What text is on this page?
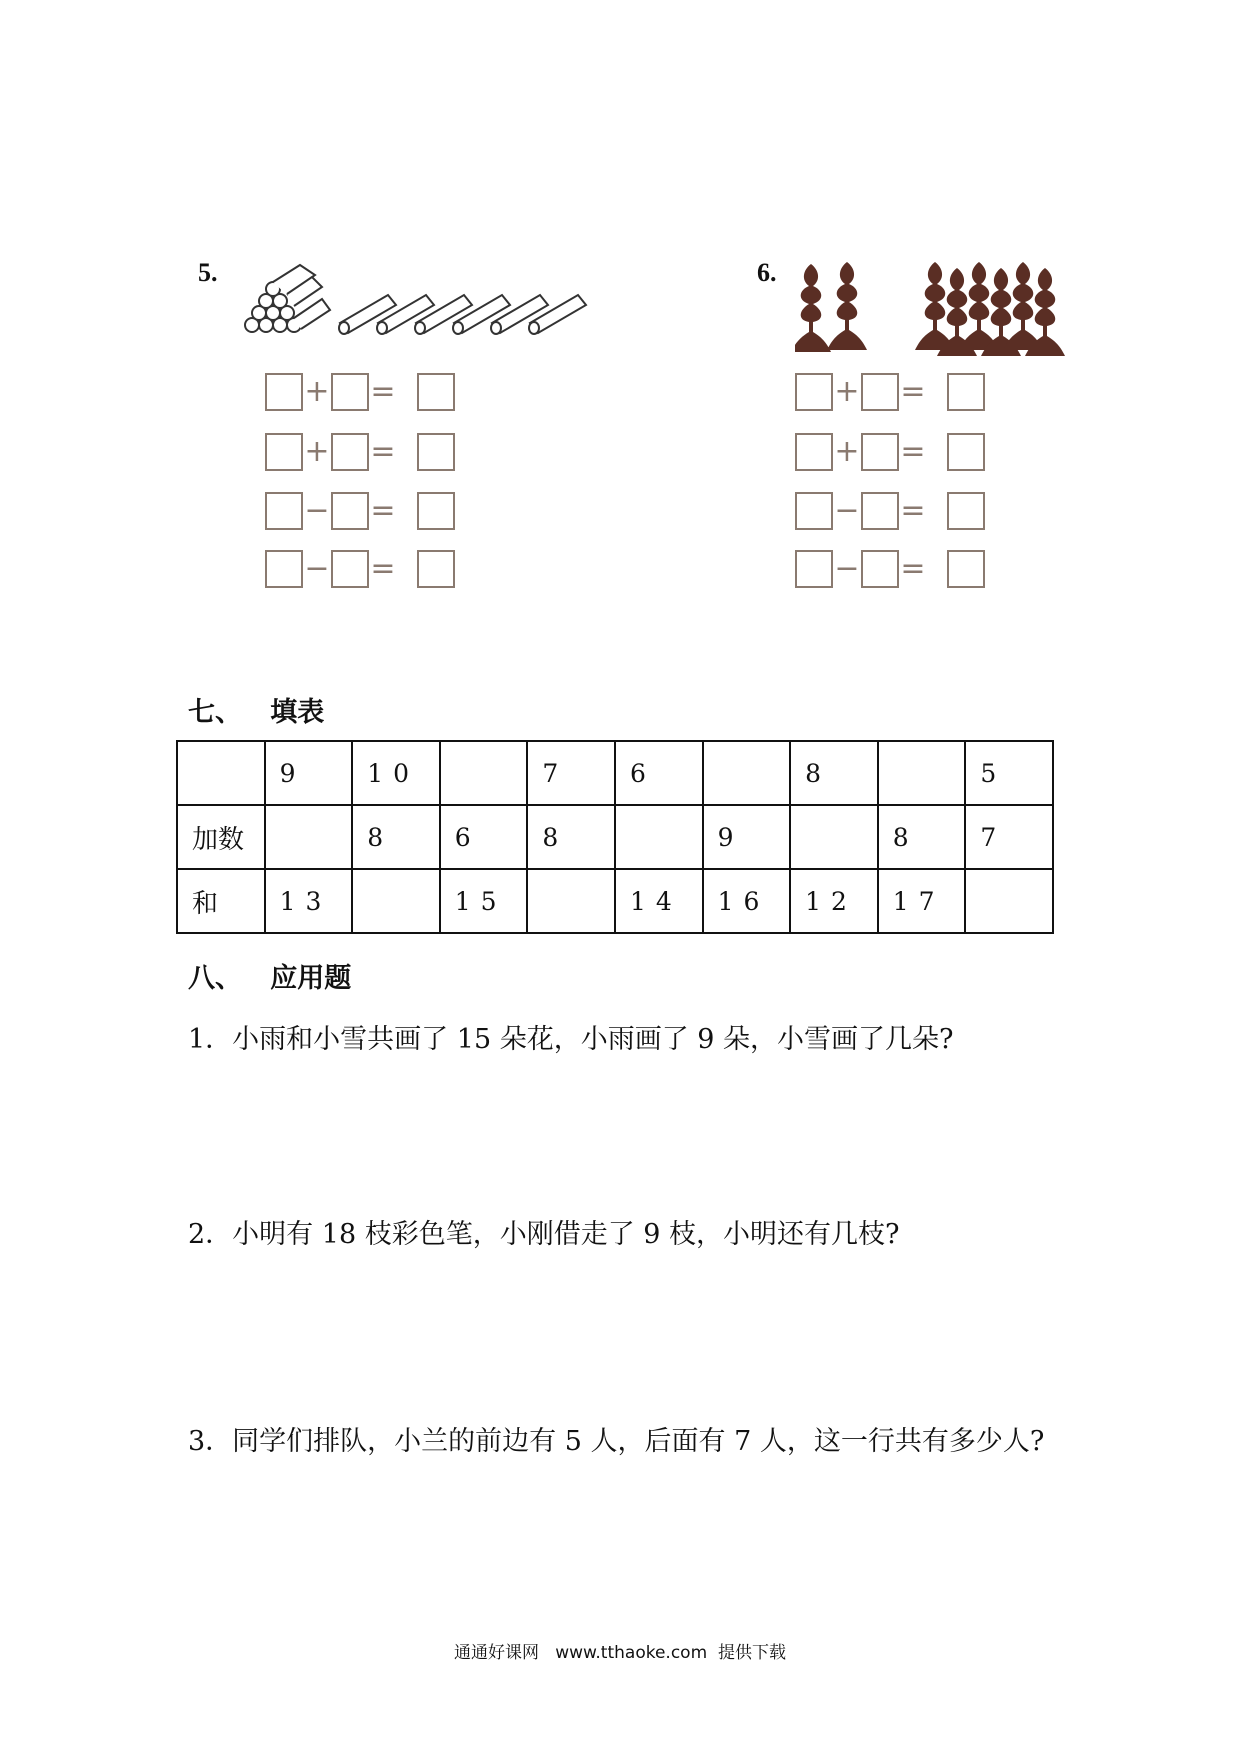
5.
+ =
+ =
− =
− =
6.
+ =
+ =
− =
− =
七、   填表
	9	10		7	6		8		5
加数		8	6	8		9		8	7
和	13		15		14	16	12	17	
八、   应用题
1．小雨和小雪共画了 15 朵花，小雨画了 9 朵，小雪画了几朵?
2．小明有 18 枝彩色笔，小刚借走了 9 枝，小明还有几枝?
3．同学们排队，小兰的前边有 5 人，后面有 7 人，这一行共有多少人?
通通好课网   www.tthaoke.com  提供下载
